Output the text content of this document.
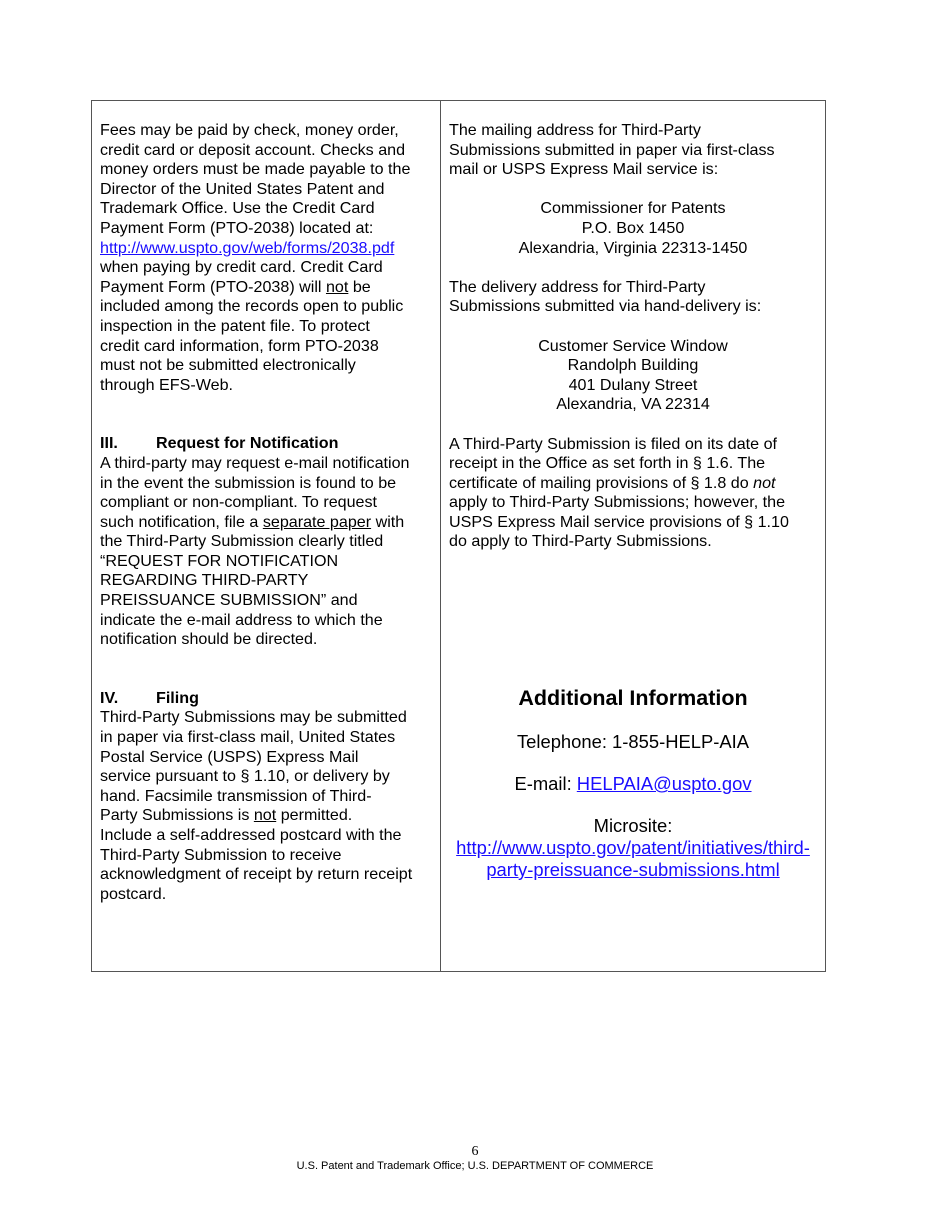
Fees may be paid by check, money order,
credit card or deposit account. Checks and
money orders must be made payable to the
Director of the United States Patent and
Trademark Office. Use the Credit Card
Payment Form (PTO-2038) located at:
http://www.uspto.gov/web/forms/2038.pdf
when paying by credit card. Credit Card
Payment Form (PTO-2038) will not be
included among the records open to public
inspection in the patent file. To protect
credit card information, form PTO-2038
must not be submitted electronically
through EFS-Web.
III. Request for Notification
A third-party may request e-mail notification
in the event the submission is found to be
compliant or non-compliant. To request
such notification, file a separate paper with
the Third-Party Submission clearly titled
“REQUEST FOR NOTIFICATION
REGARDING THIRD-PARTY
PREISSUANCE SUBMISSION” and
indicate the e-mail address to which the
notification should be directed.
IV. Filing
Third-Party Submissions may be submitted
in paper via first-class mail, United States
Postal Service (USPS) Express Mail
service pursuant to § 1.10, or delivery by
hand. Facsimile transmission of Third-
Party Submissions is not permitted.
Include a self-addressed postcard with the
Third-Party Submission to receive
acknowledgment of receipt by return receipt
postcard.
The mailing address for Third-Party
Submissions submitted in paper via first-class
mail or USPS Express Mail service is:
Commissioner for Patents
P.O. Box 1450
Alexandria, Virginia 22313-1450
The delivery address for Third-Party
Submissions submitted via hand-delivery is:
Customer Service Window
Randolph Building
401 Dulany Street
Alexandria, VA 22314
A Third-Party Submission is filed on its date of
receipt in the Office as set forth in § 1.6. The
certificate of mailing provisions of § 1.8 do not
apply to Third-Party Submissions; however, the
USPS Express Mail service provisions of § 1.10
do apply to Third-Party Submissions.
Additional Information
Telephone: 1-855-HELP-AIA
E-mail: HELPAIA@uspto.gov
Microsite:
http://www.uspto.gov/patent/initiatives/third-
party-preissuance-submissions.html
6
U.S. Patent and Trademark Office; U.S. DEPARTMENT OF COMMERCE
